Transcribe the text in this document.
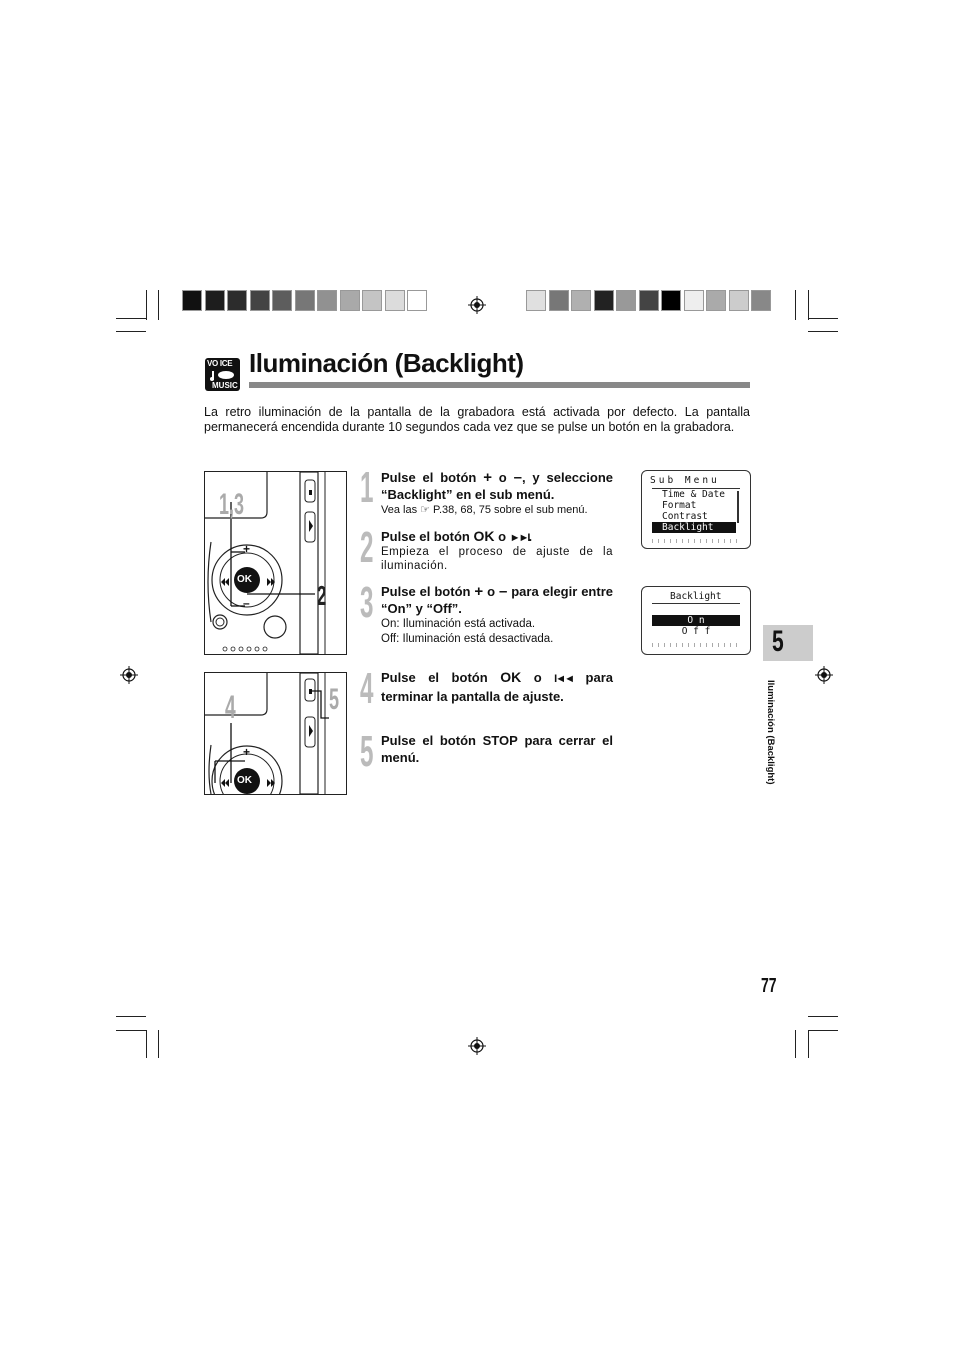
VO ICE
MUSIC
Iluminación (Backlight)

La retro iluminación de la pantalla de la grabadora está activada por defecto. La pantalla permanecerá encendida durante 10 segundos cada vez que se pulse un botón en la grabadora.

+
–
OK
1,3
2
+
OK
4	5
1 Pulse el botón + o –, y seleccione “Backlight” en el sub menú.
Vea las ☞ P.38, 68, 75 sobre el sub menú.
2 Pulse el botón OK o ►►I.
Empieza el proceso de ajuste de la iluminación.
3 Pulse el botón + o – para elegir entre “On” y “Off”.
On: Iluminación está activada.
Off: Iluminación está desactivada.
4 Pulse el botón OK o I◄◄ para terminar la pantalla de ajuste.
5 Pulse el botón STOP para cerrar el menú.
Sub Menu
Time & Date
Format
Contrast
Backlight
Backlight
O n
O f f	5
Iluminación (Backlight)
77
